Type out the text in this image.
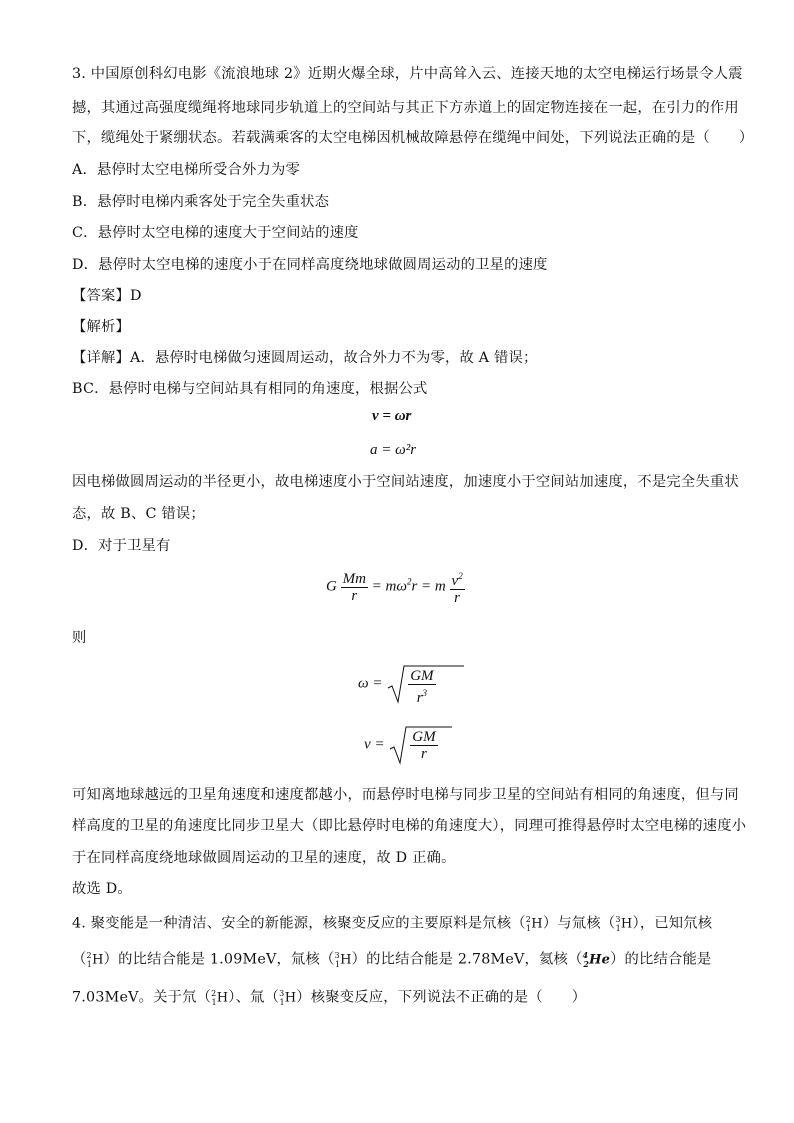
3. 中国原创科幻电影《流浪地球 2》近期火爆全球，片中高耸入云、连接天地的太空电梯运行场景令人震
撼，其通过高强度缆绳将地球同步轨道上的空间站与其正下方赤道上的固定物连接在一起，在引力的作用
下，缆绳处于紧绷状态。若载满乘客的太空电梯因机械故障悬停在缆绳中间处，下列说法正确的是（　　）
A．悬停时太空电梯所受合外力为零
B．悬停时电梯内乘客处于完全失重状态
C．悬停时太空电梯的速度大于空间站的速度
D．悬停时太空电梯的速度小于在同样高度绕地球做圆周运动的卫星的速度
【答案】D
【解析】
【详解】A．悬停时电梯做匀速圆周运动，故合外力不为零，故 A 错误；
BC．悬停时电梯与空间站具有相同的角速度，根据公式
v = ωr
a = ω²r
因电梯做圆周运动的半径更小，故电梯速度小于空间站速度，加速度小于空间站加速度，不是完全失重状
态，故 B、C 错误；
D．对于卫星有
G $\frac{Mm}{r} = m\omega^2r = m \frac{v^2}{r}$
则
$\omega = \frac{GM}{r^3}$
$v = \frac{GM}{r}$
可知离地球越远的卫星角速度和速度都越小，而悬停时电梯与同步卫星的空间站有相同的角速度，但与同
样高度的卫星的角速度比同步卫星大（即比悬停时电梯的角速度大），同理可推得悬停时太空电梯的速度小
于在同样高度绕地球做圆周运动的卫星的速度，故 D 正确。
故选 D。
4. 聚变能是一种清洁、安全的新能源，核聚变反应的主要原料是氘核（$^2_1$H）与氚核（$^3_1$H），已知氘核
（$^2_1$H）的比结合能是 1.09MeV，氚核（$^3_1$H）的比结合能是 2.78MeV，氦核（$^4_2$He）的比结合能是
7.03MeV。关于氘（$^2_1$H）、氚（$^3_1$H）核聚变反应，下列说法不正确的是（　　）
